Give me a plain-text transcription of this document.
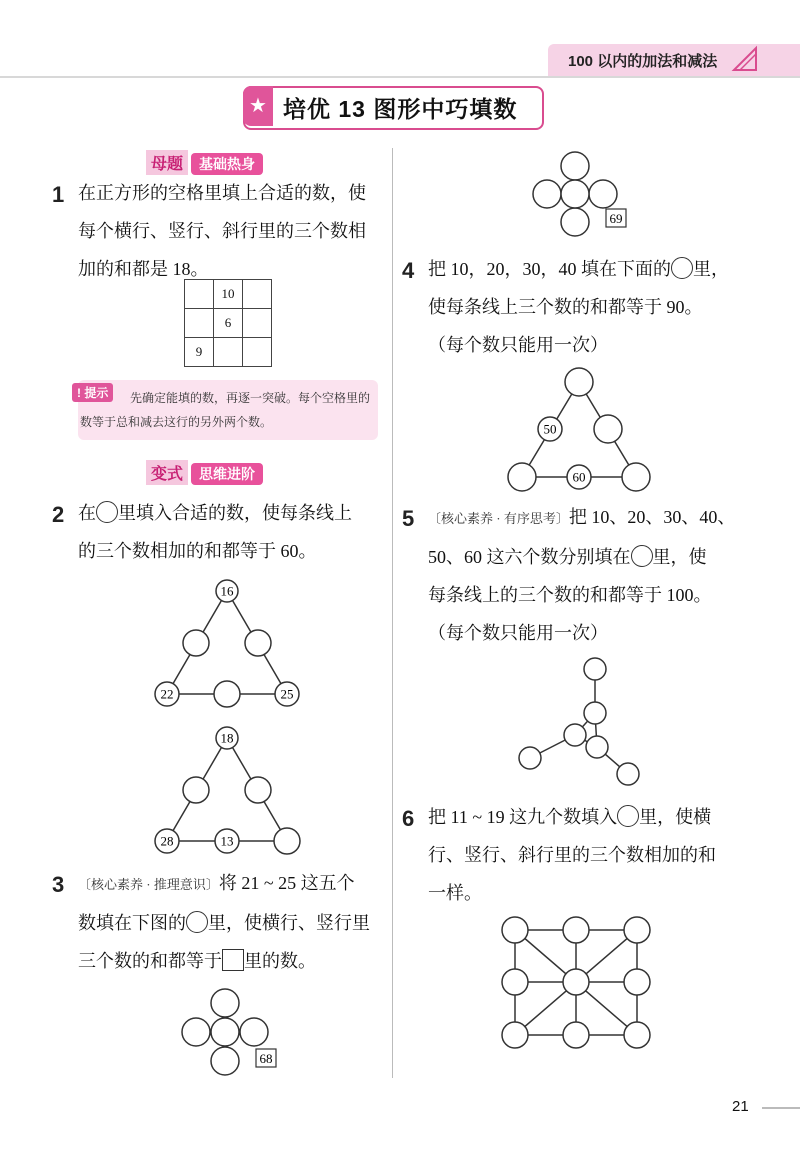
100 以内的加法和减法
★ 培优 13 图形中巧填数
母题 基础热身
1 在正方形的空格里填上合适的数，使
每个横行、竖行、斜行里的三个数相
加的和都是 18。
	10	
	6	
9		
! 提示	先确定能填的数，再逐一突破。每个空格里的数等于总和减去这行的另外两个数。
变式 思维进阶
2 在 里填入合适的数，使每条线上
的三个数相加的和都等于 60。
16
22	25
18
28	13
3 〔核心素养 · 推理意识〕将 21 ~ 25 这五个
数填在下图的 里，使横行、竖行里
三个数的和都等于 里的数。
68
69
4 把 10，20，30，40 填在下面的 里，
使每条线上三个数的和都等于 90。
（每个数只能用一次）
50
60
5 〔核心素养 · 有序思考〕把 10、20、30、40、
50、60 这六个数分别填在 里，使
每条线上的三个数的和都等于 100。
（每个数只能用一次）
6 把 11 ~ 19 这九个数填入 里，使横
行、竖行、斜行里的三个数相加的和
一样。
21
